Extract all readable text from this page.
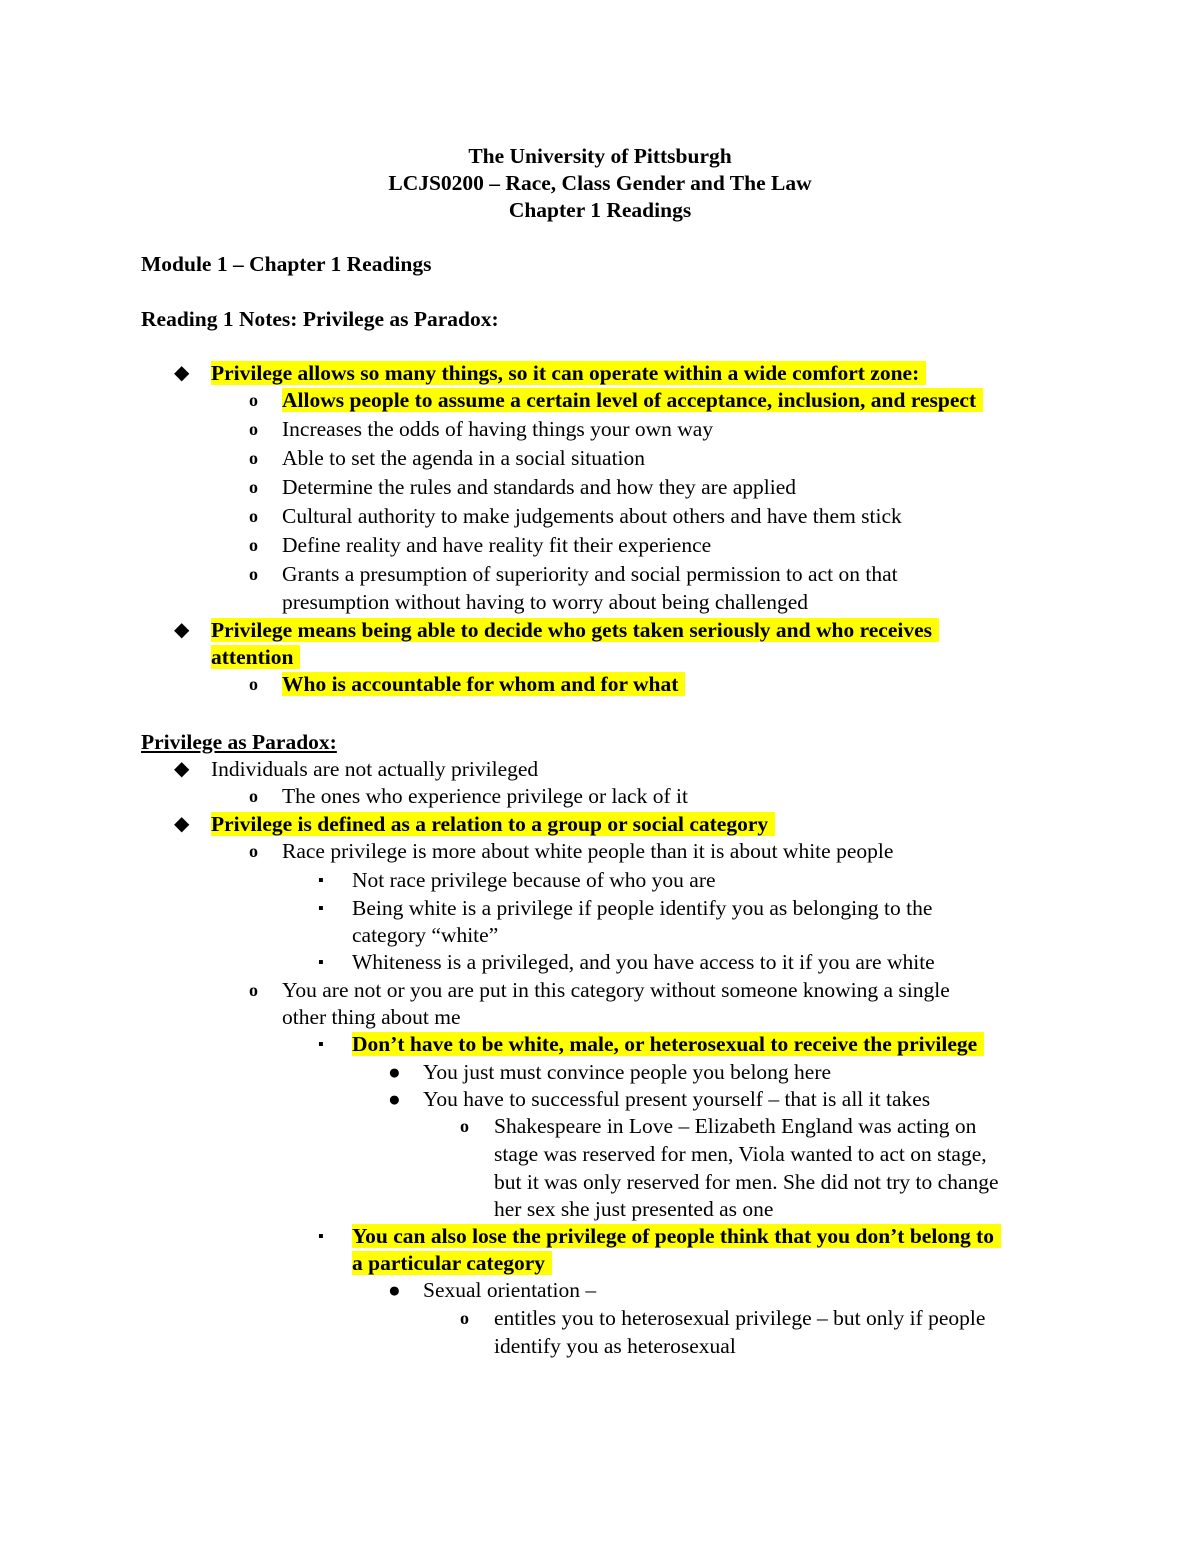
The University of Pittsburgh
LCJS0200 – Race, Class Gender and The Law
Chapter 1 Readings
Module 1 – Chapter 1 Readings
Reading 1 Notes: Privilege as Paradox:
◆ Privilege allows so many things, so it can operate within a wide comfort zone:
o Allows people to assume a certain level of acceptance, inclusion, and respect
o Increases the odds of having things your own way
o Able to set the agenda in a social situation
o Determine the rules and standards and how they are applied
o Cultural authority to make judgements about others and have them stick
o Define reality and have reality fit their experience
o Grants a presumption of superiority and social permission to act on that
presumption without having to worry about being challenged
◆ Privilege means being able to decide who gets taken seriously and who receives
attention
o Who is accountable for whom and for what
Privilege as Paradox:
◆ Individuals are not actually privileged
o The ones who experience privilege or lack of it
◆ Privilege is defined as a relation to a group or social category
o Race privilege is more about white people than it is about white people
▪ Not race privilege because of who you are
▪ Being white is a privilege if people identify you as belonging to the
category “white”
▪ Whiteness is a privileged, and you have access to it if you are white
o You are not or you are put in this category without someone knowing a single
other thing about me
▪ Don’t have to be white, male, or heterosexual to receive the privilege
● You just must convince people you belong here
● You have to successful present yourself – that is all it takes
o Shakespeare in Love – Elizabeth England was acting on
stage was reserved for men, Viola wanted to act on stage,
but it was only reserved for men. She did not try to change
her sex she just presented as one
▪ You can also lose the privilege of people think that you don’t belong to
a particular category
● Sexual orientation –
o entitles you to heterosexual privilege – but only if people
identify you as heterosexual
